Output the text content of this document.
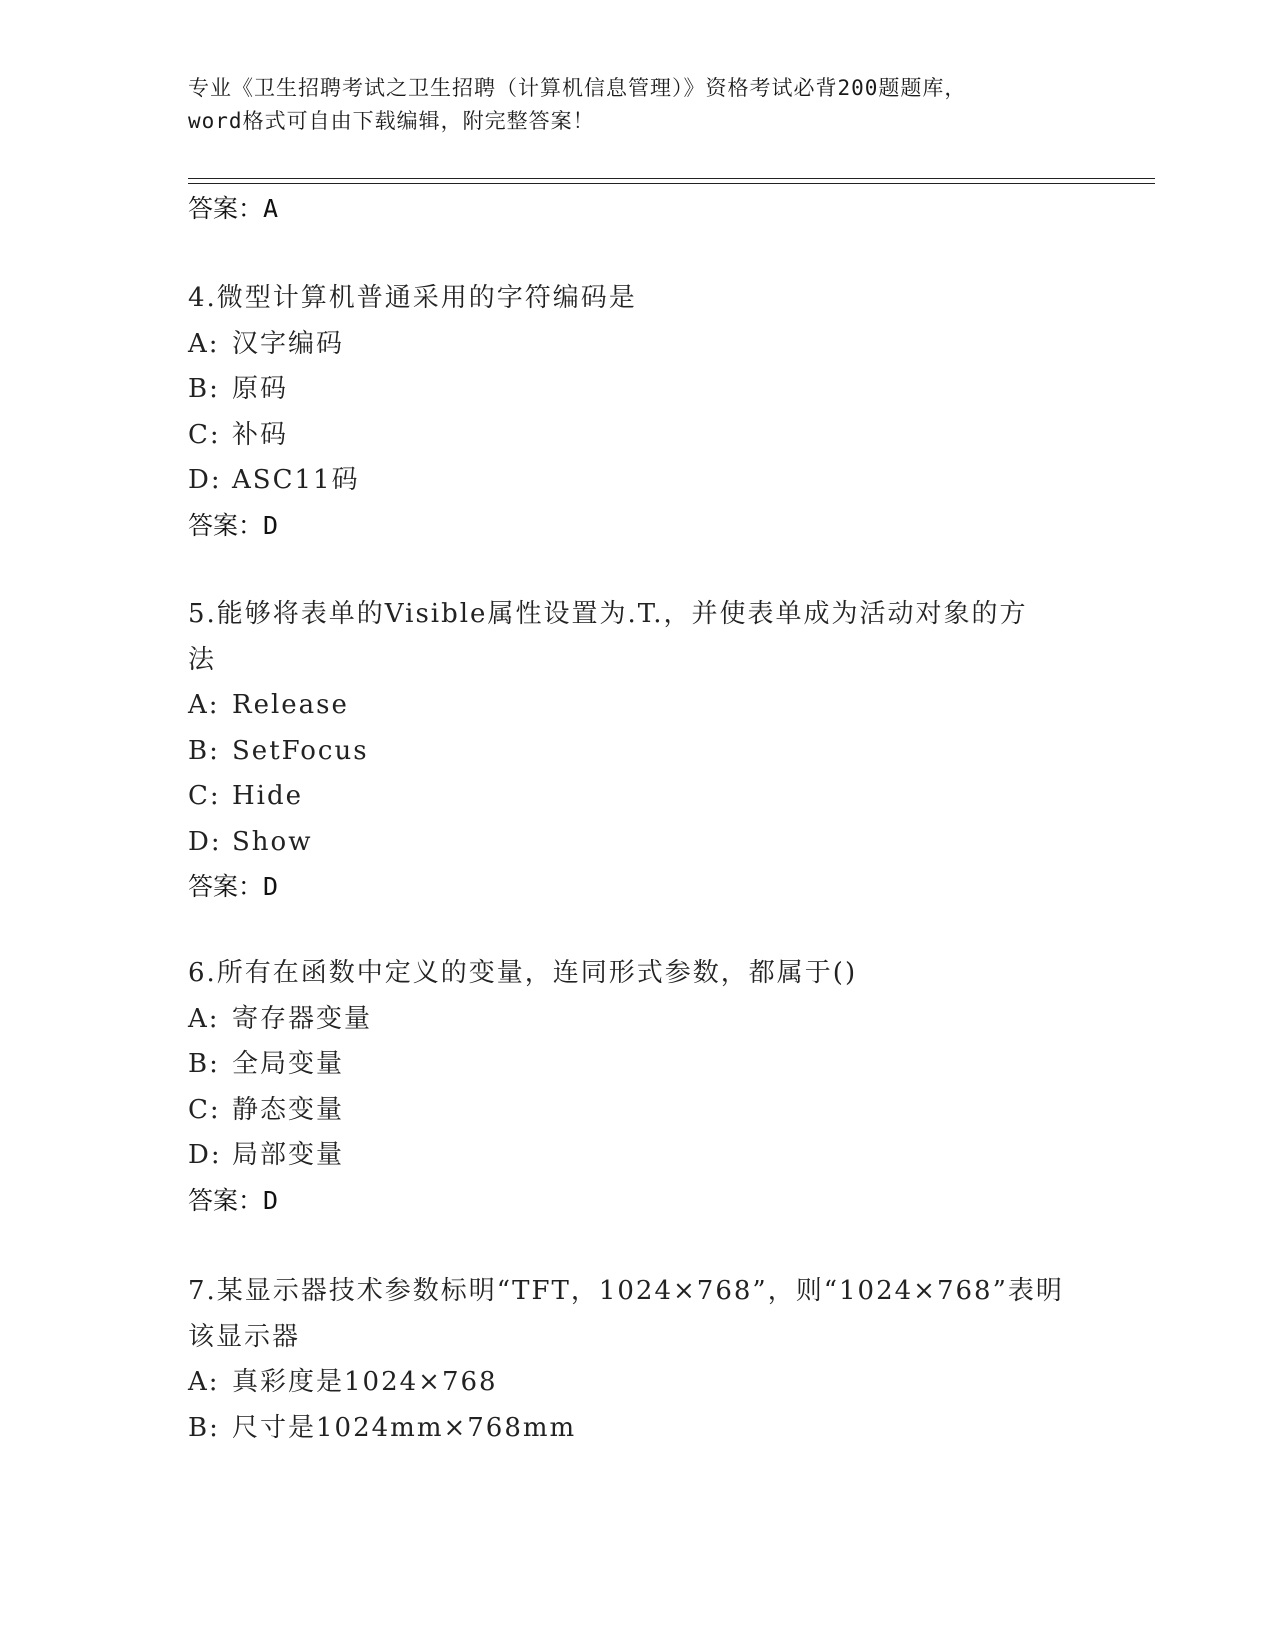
专业《卫生招聘考试之卫生招聘（计算机信息管理）》资格考试必背200题题库，
word格式可自由下载编辑，附完整答案！
答案：A
4.微型计算机普通采用的字符编码是
A: 汉字编码
B: 原码
C: 补码
D: ASC11码
答案：D
5.能够将表单的Visible属性设置为.T.，并使表单成为活动对象的方
法
A: Release
B: SetFocus
C: Hide
D: Show
答案：D
6.所有在函数中定义的变量，连同形式参数，都属于()
A: 寄存器变量
B: 全局变量
C: 静态变量
D: 局部变量
答案：D
7.某显示器技术参数标明“TFT，1024×768”，则“1024×768”表明
该显示器
A: 真彩度是1024×768
B: 尺寸是1024mm×768mm
